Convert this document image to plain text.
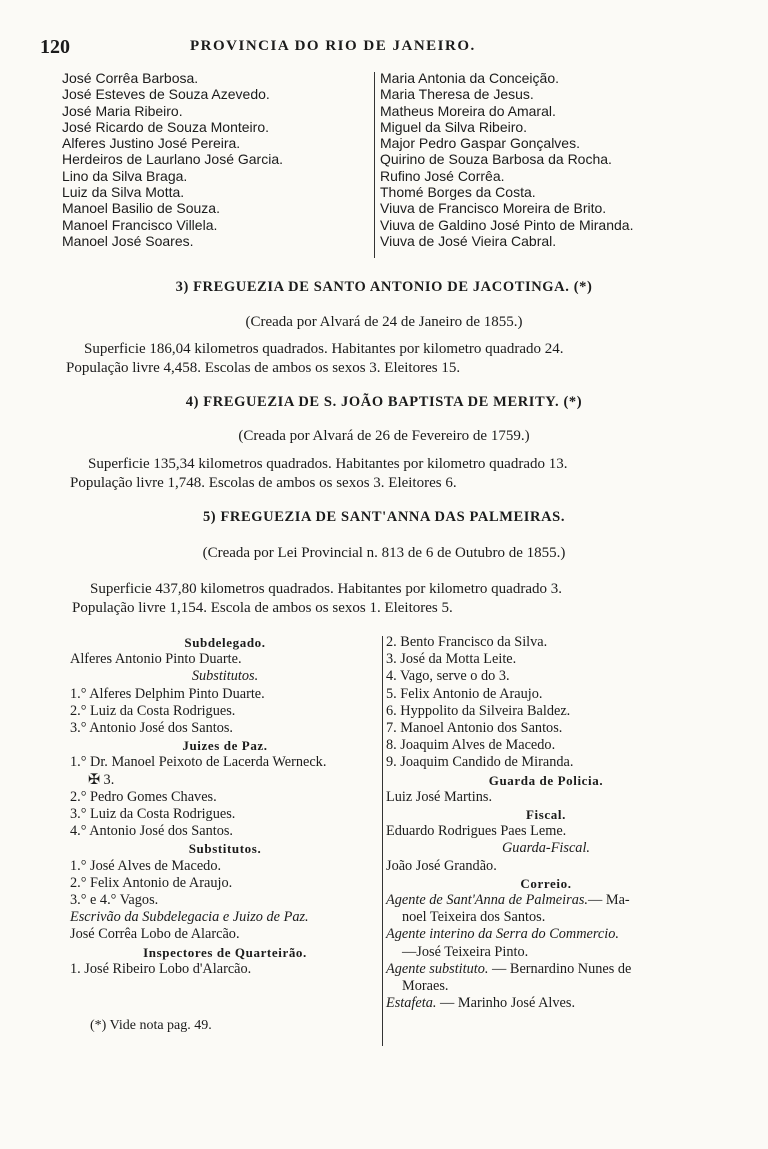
120	PROVINCIA DO RIO DE JANEIRO.
José Corrêa Barbosa.
José Esteves de Souza Azevedo.
José Maria Ribeiro.
José Ricardo de Souza Monteiro.
Alferes Justino José Pereira.
Herdeiros de Laurlano José Garcia.
Lino da Silva Braga.
Luiz da Silva Motta.
Manoel Basilio de Souza.
Manoel Francisco Villela.
Manoel José Soares.
Maria Antonia da Conceição.
Maria Theresa de Jesus.
Matheus Moreira do Amaral.
Miguel da Silva Ribeiro.
Major Pedro Gaspar Gonçalves.
Quirino de Souza Barbosa da Rocha.
Rufino José Corrêa.
Thomé Borges da Costa.
Viuva de Francisco Moreira de Brito.
Viuva de Galdino José Pinto de Miranda.
Viuva de José Vieira Cabral.
3) FREGUEZIA DE SANTO ANTONIO DE JACOTINGA. (*)
(Creada por Alvará de 24 de Janeiro de 1855.)
Superficie 186,04 kilometros quadrados. Habitantes por kilometro quadrado 24.
População livre 4,458. Escolas de ambos os sexos 3. Eleitores 15.
4) FREGUEZIA DE S. JOÃO BAPTISTA DE MERITY. (*)
(Creada por Alvará de 26 de Fevereiro de 1759.)
Superficie 135,34 kilometros quadrados. Habitantes por kilometro quadrado 13.
População livre 1,748. Escolas de ambos os sexos 3. Eleitores 6.
5) FREGUEZIA DE SANT'ANNA DAS PALMEIRAS.
(Creada por Lei Provincial n. 813 de 6 de Outubro de 1855.)
Superficie 437,80 kilometros quadrados. Habitantes por kilometro quadrado 3.
População livre 1,154. Escola de ambos os sexos 1. Eleitores 5.
Subdelegado.
Alferes Antonio Pinto Duarte.
Substitutos.
1.° Alferes Delphim Pinto Duarte.
2.° Luiz da Costa Rodrigues.
3.° Antonio José dos Santos.
Juizes de Paz.
1.° Dr. Manoel Peixoto de Lacerda Werneck.
✠ 3.
2.° Pedro Gomes Chaves.
3.° Luiz da Costa Rodrigues.
4.° Antonio José dos Santos.
Substitutos.
1.° José Alves de Macedo.
2.° Felix Antonio de Araujo.
3.° e 4.° Vagos.
Escrivão da Subdelegacia e Juizo de Paz.
José Corrêa Lobo de Alarcão.
Inspectores de Quarteirão.
1. José Ribeiro Lobo d'Alarcão.
2. Bento Francisco da Silva.
3. José da Motta Leite.
4. Vago, serve o do 3.
5. Felix Antonio de Araujo.
6. Hyppolito da Silveira Baldez.
7. Manoel Antonio dos Santos.
8. Joaquim Alves de Macedo.
9. Joaquim Candido de Miranda.
Guarda de Policia.
Luiz José Martins.
Fiscal.
Eduardo Rodrigues Paes Leme.
Guarda-Fiscal.
João José Grandão.
Correio.
Agente de Sant'Anna de Palmeiras.— Ma-
noel Teixeira dos Santos.
Agente interino da Serra do Commercio.
—José Teixeira Pinto.
Agente substituto. — Bernardino Nunes de
Moraes.
Estafeta. — Marinho José Alves.
(*) Vide nota pag. 49.
